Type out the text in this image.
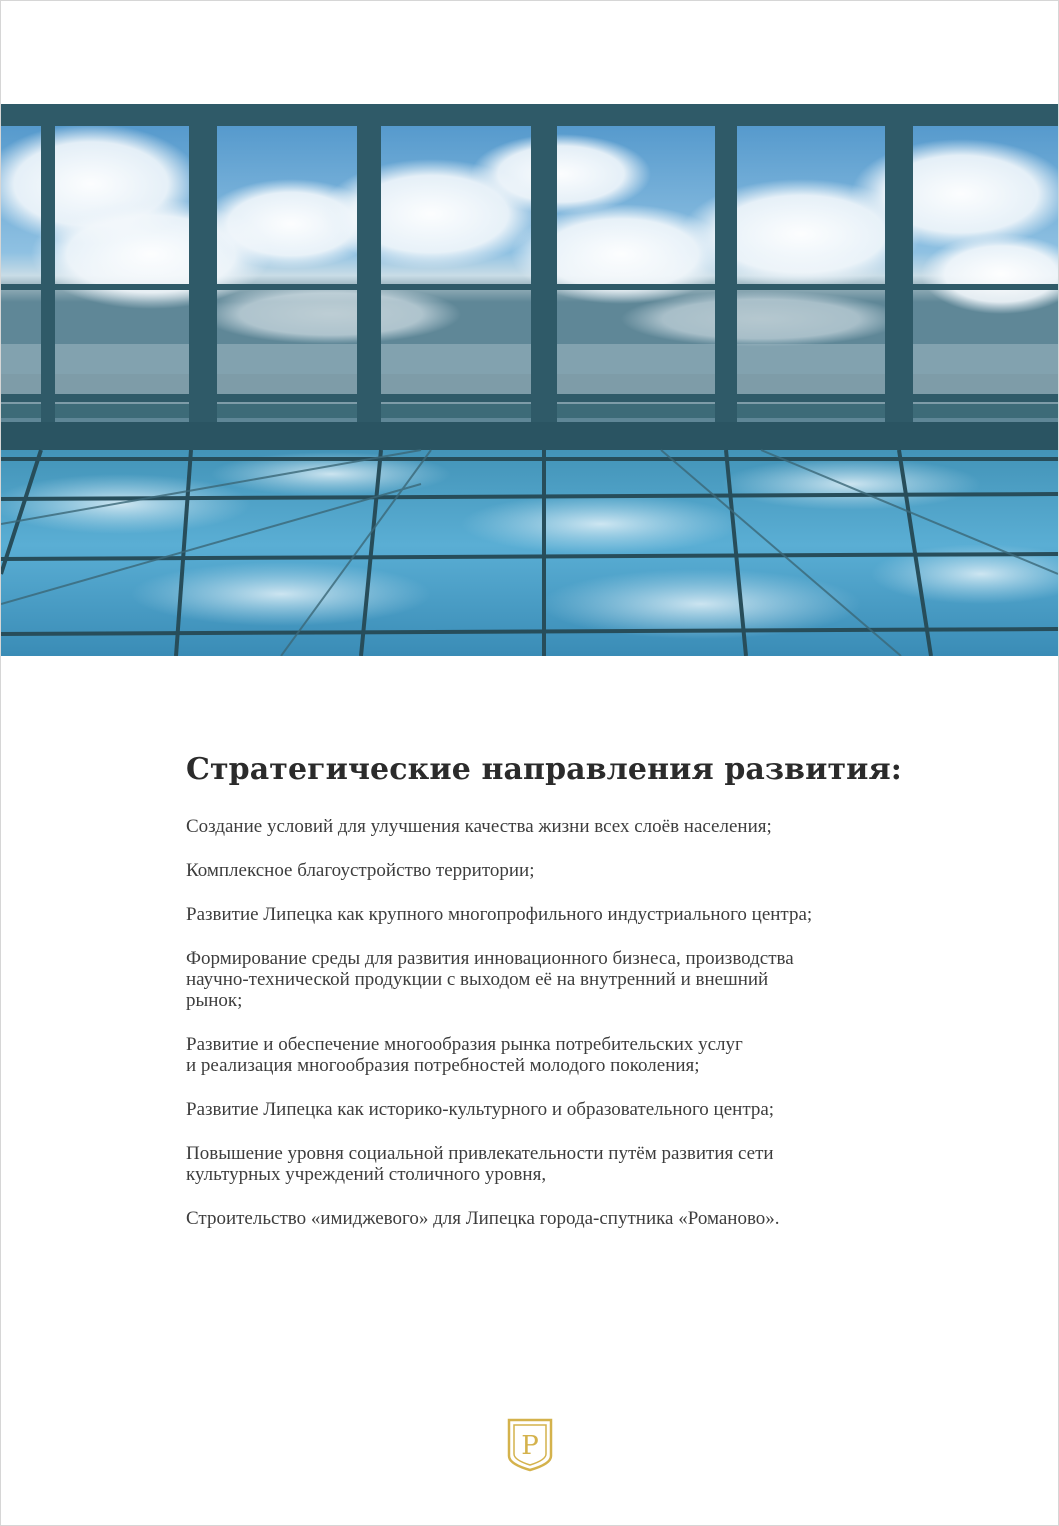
Стратегические направления развития:
Создание условий для улучшения качества жизни всех слоёв населения;
Комплексное благоустройство территории;
Развитие Липецка как крупного многопрофильного индустриального центра;
Формирование среды для развития инновационного бизнеса, производства
научно-технической продукции с выходом её на внутренний и внешний
рынок;
Развитие и обеспечение многообразия рынка потребительских услуг
и реализация многообразия потребностей молодого поколения;
Развитие Липецка как историко-культурного и образовательного центра;
Повышение уровня социальной привлекательности путём развития сети
культурных учреждений столичного уровня,
Строительство «имиджевого» для Липецка города-спутника «Романово».
Р
